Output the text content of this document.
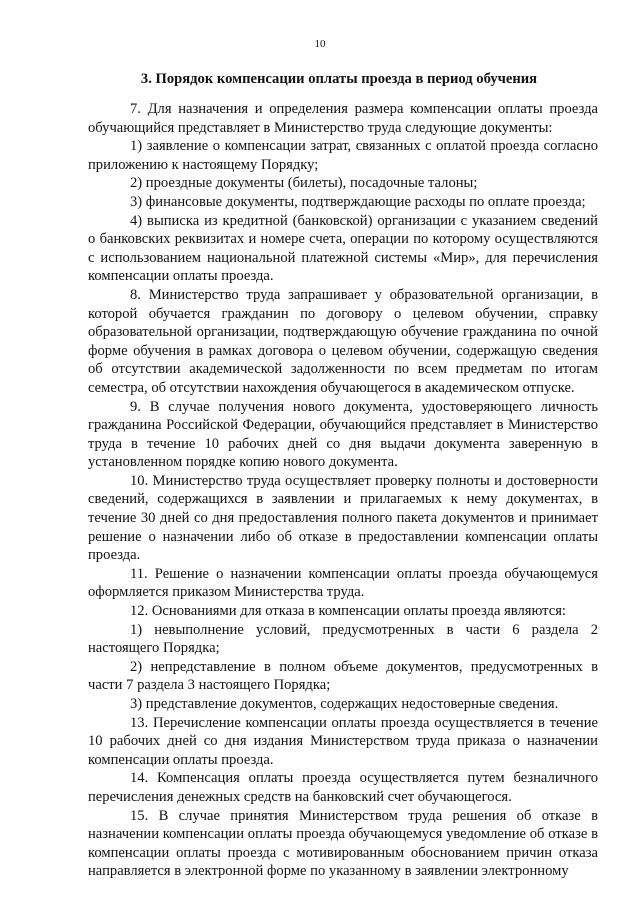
10
3. Порядок компенсации оплаты проезда в период обучения

7. Для назначения и определения размера компенсации оплаты проезда обучающийся представляет в Министерство труда следующие документы:

1) заявление о компенсации затрат, связанных с оплатой проезда согласно приложению к настоящему Порядку;

2) проездные документы (билеты), посадочные талоны;

3) финансовые документы, подтверждающие расходы по оплате проезда;

4) выписка из кредитной (банковской) организации с указанием сведений о банковских реквизитах и номере счета, операции по которому осуществляются с использованием национальной платежной системы «Мир», для перечисления компенсации оплаты проезда.

8. Министерство труда запрашивает у образовательной организации, в которой обучается гражданин по договору о целевом обучении, справку образовательной организации, подтверждающую обучение гражданина по очной форме обучения в рамках договора о целевом обучении, содержащую сведения об отсутствии академической задолженности по всем предметам по итогам семестра, об отсутствии нахождения обучающегося в академическом отпуске.

9. В случае получения нового документа, удостоверяющего личность гражданина Российской Федерации, обучающийся представляет в Министерство труда в течение 10 рабочих дней со дня выдачи документа заверенную в установленном порядке копию нового документа.

10. Министерство труда осуществляет проверку полноты и достоверности сведений, содержащихся в заявлении и прилагаемых к нему документах, в течение 30 дней со дня предоставления полного пакета документов и принимает решение о назначении либо об отказе в предоставлении компенсации оплаты проезда.

11. Решение о назначении компенсации оплаты проезда обучающемуся оформляется приказом Министерства труда.

12. Основаниями для отказа в компенсации оплаты проезда являются:

1) невыполнение условий, предусмотренных в части 6 раздела 2 настоящего Порядка;

2) непредставление в полном объеме документов, предусмотренных в части 7 раздела 3 настоящего Порядка;

3) представление документов, содержащих недостоверные сведения.

13. Перечисление компенсации оплаты проезда осуществляется в течение 10 рабочих дней со дня издания Министерством труда приказа о назначении компенсации оплаты проезда.

14. Компенсация оплаты проезда осуществляется путем безналичного перечисления денежных средств на банковский счет обучающегося.

15. В случае принятия Министерством труда решения об отказе в назначении компенсации оплаты проезда обучающемуся уведомление об отказе в компенсации оплаты проезда с мотивированным обоснованием причин отказа направляется в электронной форме по указанному в заявлении электронному
